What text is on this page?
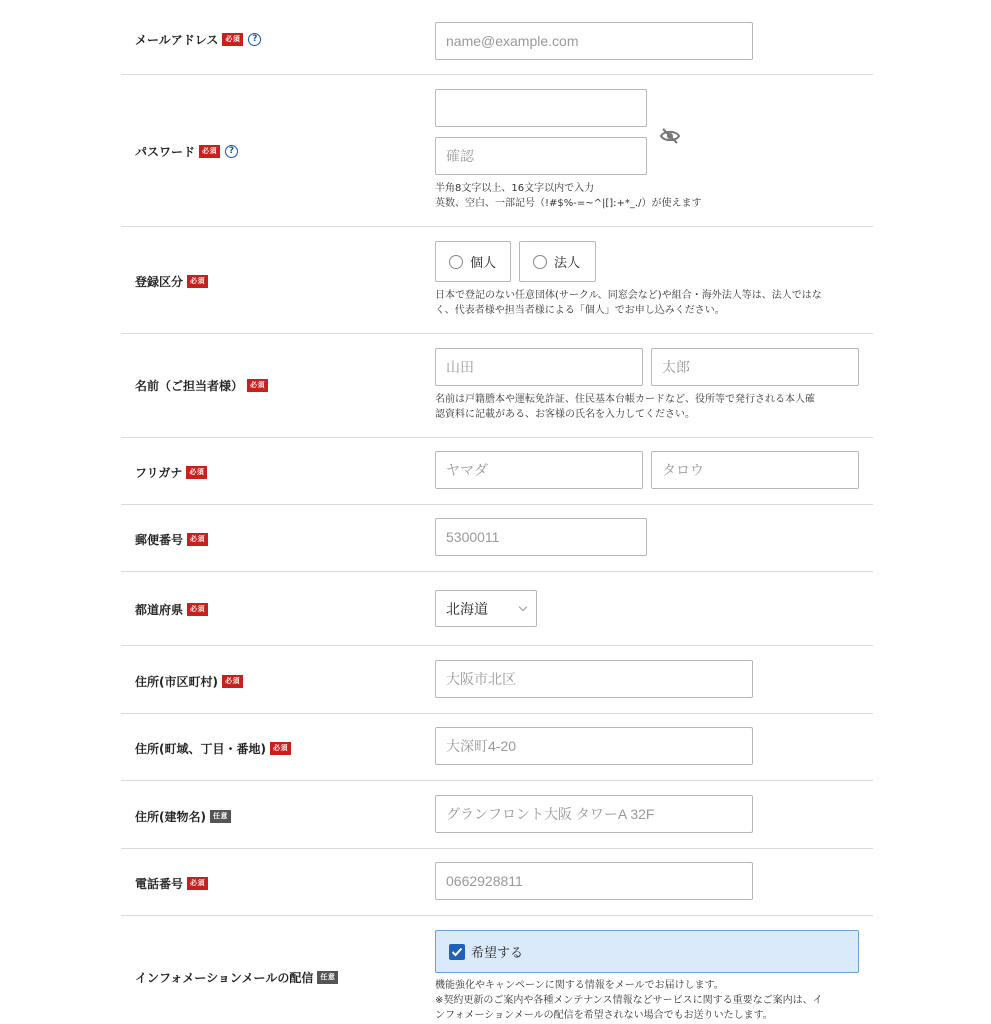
メールアドレス	必須	?	name@example.com
パスワード	必須	?	確認
半角8文字以上、16文字以内で入力
英数、空白、一部記号（!#$%-=~^|[]:+*_./）が使えます
登録区分	必須
個人	法人
日本で登記のない任意団体(サークル、同窓会など)や組合・海外法人等は、法人ではな
く、代表者様や担当者様による「個人」でお申し込みください。
名前（ご担当者様）	必須
山田	太郎
名前は戸籍謄本や運転免許証、住民基本台帳カードなど、役所等で発行される本人確
認資料に記載がある、お客様の氏名を入力してください。
フリガナ	必須	ヤマダ	タロウ
郵便番号	必須	5300011
都道府県	必須	北海道
住所(市区町村)	必須	大阪市北区
住所(町域、丁目・番地)	必須	大深町4-20
住所(建物名)	任意	グランフロント大阪 タワーA 32F
電話番号	必須	0662928811
インフォメーションメールの配信	任意
希望する
機能強化やキャンペーンに関する情報をメールでお届けします。
※契約更新のご案内や各種メンテナンス情報などサービスに関する重要なご案内は、イ
ンフォメーションメールの配信を希望されない場合でもお送りいたします。
